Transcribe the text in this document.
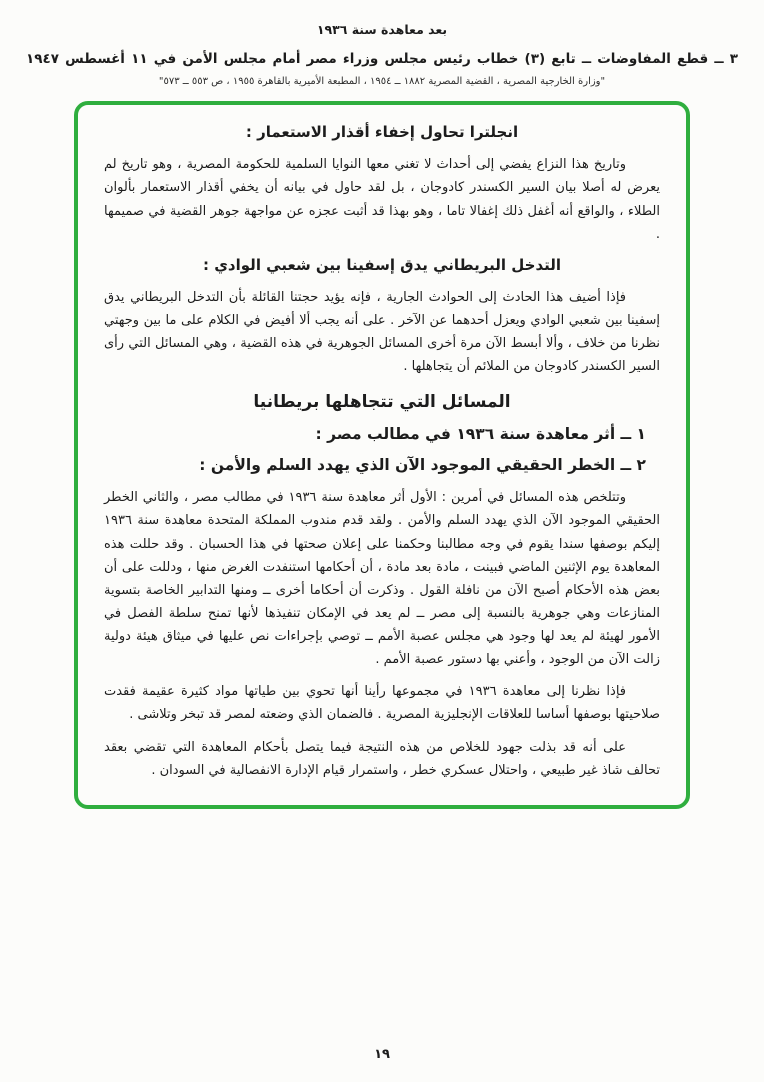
بعد معاهدة سنة ١٩٣٦
٣ ــ قطع المفاوضات ــ تابع (٣) خطاب رئيس مجلس وزراء مصر أمام مجلس الأمن في ١١ أغسطس ١٩٤٧
"وزارة الخارجية المصرية ، القضية المصرية ١٨٨٢ ــ ١٩٥٤ ، المطبعة الأميرية بالقاهرة ١٩٥٥ ، ص ٥٥٣ ــ ٥٧٣"
انجلترا تحاول إخفاء أقذار الاستعمار :

وتاريخ هذا النزاع يفضي إلى أحداث لا تغني معها النوايا السلمية للحكومة المصرية ، وهو تاريخ لم يعرض له أصلا بيان السير الكسندر كادوجان ، بل لقد حاول في بيانه أن يخفي أقذار الاستعمار بألوان الطلاء ، والواقع أنه أغفل ذلك إغفالا تاما ، وهو بهذا قد أثبت عجزه عن مواجهة جوهر القضية في صميمها .

التدخل البريطاني يدق إسفينا بين شعبي الوادي :

فإذا أضيف هذا الحادث إلى الحوادث الجارية ، فإنه يؤيد حجتنا القائلة بأن التدخل البريطاني يدق إسفينا بين شعبي الوادي ويعزل أحدهما عن الآخر . على أنه يجب ألا أفيض في الكلام على ما بين وجهتي نظرنا من خلاف ، وألا أبسط الآن مرة أخرى المسائل الجوهرية في هذه القضية ، وهي المسائل التي رأى السير الكسندر كادوجان من الملائم أن يتجاهلها .

المسائل التي تتجاهلها بريطانيا
١ ــ أثر معاهدة سنة ١٩٣٦ في مطالب مصر :
٢ ــ الخطر الحقيقي الموجود الآن الذي يهدد السلم والأمن :

وتتلخص هذه المسائل في أمرين : الأول أثر معاهدة سنة ١٩٣٦ في مطالب مصر ، والثاني الخطر الحقيقي الموجود الآن الذي يهدد السلم والأمن . ولقد قدم مندوب المملكة المتحدة معاهدة سنة ١٩٣٦ إليكم بوصفها سندا يقوم في وجه مطالبنا وحكمنا على إعلان صحتها في هذا الحسبان . وقد حللت هذه المعاهدة يوم الإثنين الماضي فبينت ، مادة بعد مادة ، أن أحكامها استنفدت الغرض منها ، ودللت على أن بعض هذه الأحكام أصبح الآن من نافلة القول . وذكرت أن أحكاما أخرى ــ ومنها التدابير الخاصة بتسوية المنازعات وهي جوهرية بالنسبة إلى مصر ــ لم يعد في الإمكان تنفيذها لأنها تمنح سلطة الفصل في الأمور لهيئة لم يعد لها وجود هي مجلس عصبة الأمم ــ توصي بإجراءات نص عليها في ميثاق هيئة دولية زالت الآن من الوجود ، وأعني بها دستور عصبة الأمم .

فإذا نظرنا إلى معاهدة ١٩٣٦ في مجموعها رأينا أنها تحوي بين طياتها مواد كثيرة عقيمة فقدت صلاحيتها بوصفها أساسا للعلاقات الإنجليزية المصرية . فالضمان الذي وضعته لمصر قد تبخر وتلاشى .

على أنه قد بذلت جهود للخلاص من هذه النتيجة فيما يتصل بأحكام المعاهدة التي تقضي بعقد تحالف شاذ غير طبيعي ، واحتلال عسكري خطر ، واستمرار قيام الإدارة الانفصالية في السودان .

١٩
